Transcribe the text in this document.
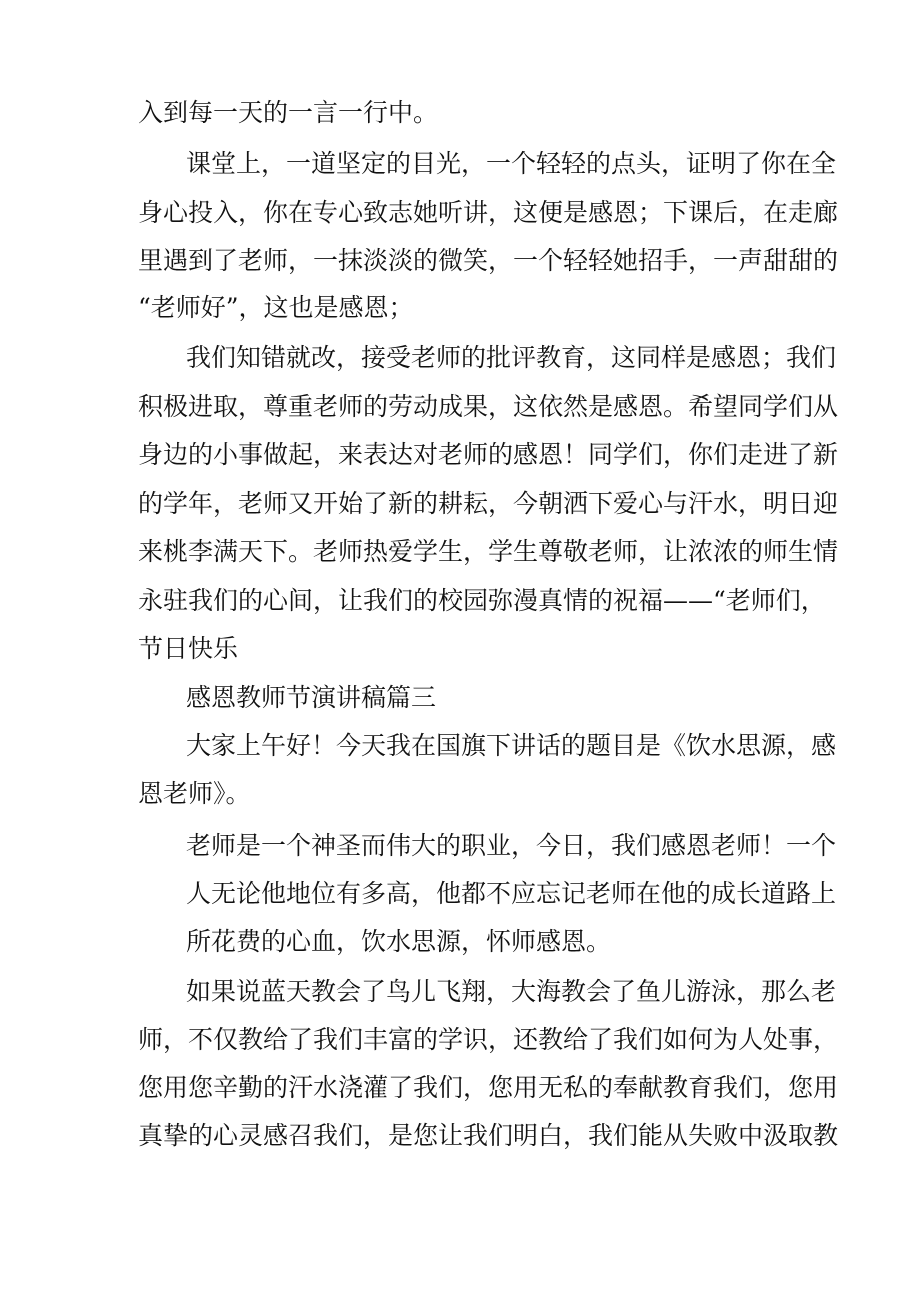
入到每一天的一言一行中。

课堂上，一道坚定的目光，一个轻轻的点头，证明了你在全

身心投入，你在专心致志她听讲，这便是感恩；下课后，在走廊

里遇到了老师，一抹淡淡的微笑，一个轻轻她招手，一声甜甜的

“老师好”，这也是感恩；

我们知错就改，接受老师的批评教育，这同样是感恩；我们

积极进取，尊重老师的劳动成果，这依然是感恩。希望同学们从

身边的小事做起，来表达对老师的感恩！同学们，你们走进了新

的学年，老师又开始了新的耕耘，今朝洒下爱心与汗水，明日迎

来桃李满天下。老师热爱学生，学生尊敬老师，让浓浓的师生情

永驻我们的心间，让我们的校园弥漫真情的祝福——“老师们，

节日快乐

感恩教师节演讲稿篇三

大家上午好！今天我在国旗下讲话的题目是《饮水思源，感

恩老师》。

老师是一个神圣而伟大的职业，今日，我们感恩老师！一个

人无论他地位有多高，他都不应忘记老师在他的成长道路上

所花费的心血，饮水思源，怀师感恩。

如果说蓝天教会了鸟儿飞翔，大海教会了鱼儿游泳，那么老

师，不仅教给了我们丰富的学识，还教给了我们如何为人处事，

您用您辛勤的汗水浇灌了我们，您用无私的奉献教育我们，您用

真挚的心灵感召我们，是您让我们明白，我们能从失败中汲取教
